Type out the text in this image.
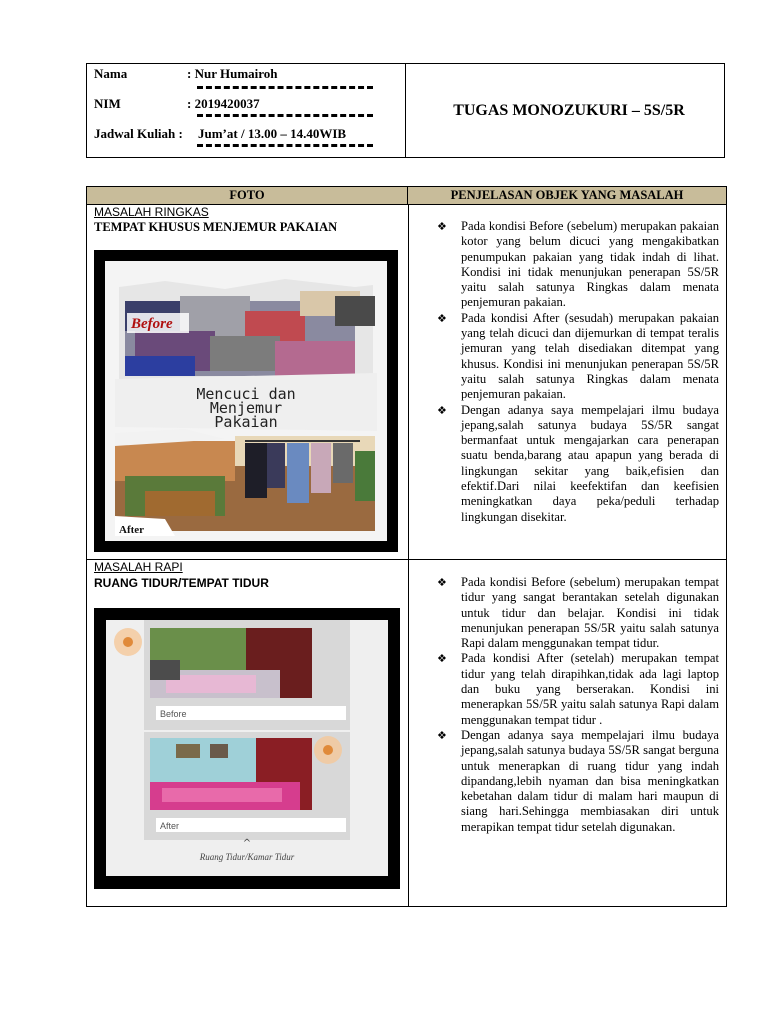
Nama	: Nur Humairoh
NIM	: 2019420037
Jadwal Kuliah : Jum’at / 13.00 – 14.40WIB
TUGAS MONOZUKURI – 5S/5R
FOTO	PENJELASAN OBJEK YANG MASALAH
MASALAH RINGKAS
TEMPAT KHUSUS MENJEMUR PAKAIAN
Before
Mencuci dan
Menjemur
Pakaian
After
❖ Pada kondisi Before (sebelum) merupakan pakaian kotor yang belum dicuci yang mengakibatkan penumpukan pakaian yang tidak indah di lihat. Kondisi ini tidak menunjukan penerapan 5S/5R yaitu salah satunya Ringkas dalam menata penjemuran pakaian.
❖ Pada kondisi After (sesudah) merupakan pakaian yang telah dicuci dan dijemurkan di tempat teralis jemuran yang telah disediakan ditempat yang khusus. Kondisi ini menunjukan penerapan 5S/5R yaitu salah satunya Ringkas dalam menata penjemuran pakaian.
❖ Dengan adanya saya mempelajari ilmu budaya jepang,salah satunya budaya 5S/5R sangat bermanfaat untuk mengajarkan cara penerapan suatu benda,barang atau apapun yang berada di lingkungan sekitar yang baik,efisien dan efektif.Dari nilai keefektifan dan keefisien meningkatkan daya peka/peduli terhadap lingkungan disekitar.
MASALAH RAPI
RUANG TIDUR/TEMPAT TIDUR
Before
After
^
Ruang Tidur/Kamar Tidur
❖ Pada kondisi Before (sebelum) merupakan tempat tidur yang sangat berantakan setelah digunakan untuk tidur dan belajar. Kondisi ini tidak menunjukan penerapan 5S/5R yaitu salah satunya Rapi dalam menggunakan tempat tidur.
❖ Pada kondisi After (setelah) merupakan tempat tidur yang telah dirapihkan,tidak ada lagi laptop dan buku yang berserakan. Kondisi ini menerapkan 5S/5R yaitu salah satunya Rapi dalam menggunakan tempat tidur .
❖ Dengan adanya saya mempelajari ilmu budaya jepang,salah satunya budaya 5S/5R sangat berguna untuk menerapkan di ruang tidur yang indah dipandang,lebih nyaman dan bisa meningkatkan kebetahan dalam tidur di malam hari maupun di siang hari.Sehingga membiasakan diri untuk merapikan tempat tidur setelah digunakan.
